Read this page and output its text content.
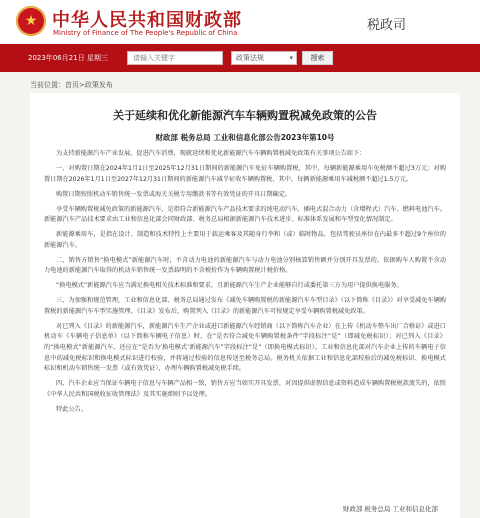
★ 中华人民共和国财政部
Ministry of Finance of The People's Republic of China	税政司
2023年06月21日 星期三
请输入关键字	政策法规	▾	搜索
当前位置：首页>政策发布
关于延续和优化新能源汽车车辆购置税减免政策的公告
财政部 税务总局 工业和信息化部公告2023年第10号

为支持新能源汽车产业发展，促进汽车消费，现就延续和优化新能源汽车车辆购置税减免政策有关事项公告如下：

一、对购置日期在2024年1月1日至2025年12月31日期间的新能源汽车免征车辆购置税，其中，每辆新能源乘用车免税额不超过3万元；对购置日期在2026年1月1日至2027年12月31日期间的新能源汽车减半征收车辆购置税，其中，每辆新能源乘用车减税额不超过1.5万元。

购置日期按照机动车销售统一发票或海关关税专用缴款书等有效凭证的开具日期确定。

享受车辆购置税减免政策的新能源汽车，是指符合新能源汽车产品技术要求的纯电动汽车、插电式混合动力（含增程式）汽车、燃料电池汽车。新能源汽车产品技术要求由工业和信息化部会同财政部、税务总局根据新能源汽车技术进步、标准体系发展和车型变化情况制定。

新能源乘用车，是指在设计、制造和技术特性上主要用于载运乘客及其随身行李和（或）临时物品，包括驾驶员座位在内最多不超过9个座位的新能源汽车。

二、销售方销售“换电模式”新能源汽车时，不含动力电池的新能源汽车与动力电池分别核算销售额并分别开具发票的，依据购车人购置不含动力电池的新能源汽车取得的机动车销售统一发票载明的不含税价作为车辆购置税计税价格。

“换电模式”新能源汽车应当满足换电相关技术标准和要求，且新能源汽车生产企业能够自行或委托第三方为用户提供换电服务。

三、为加强和规范管理，工业和信息化部、税务总局通过发布《减免车辆购置税的新能源汽车车型目录》（以下简称《目录》）对享受减免车辆购置税的新能源汽车车型实施管理。《目录》发布后，购置列入《目录》的新能源汽车可按规定享受车辆购置税减免政策。

对已列入《目录》的新能源汽车，新能源汽车生产企业或进口新能源汽车经销商（以下简称汽车企业）在上传《机动车整车出厂合格证》或进口机动车《车辆电子信息单》（以下简称车辆电子信息）时，在“是否符合减免车辆购置税条件”字段标注“是”（即减免税标识）；对已列入《目录》的“换电模式”新能源汽车，还应在“是否为‘换电模式’新能源汽车”字段标注“是”（即换电模式标识）。工业和信息化部对汽车企业上传的车辆电子信息中的减免税标识和换电模式标识进行校验，并将通过校验的信息传送至税务总局。税务机关依据工业和信息化部校验后的减免税标识、换电模式标识和机动车销售统一发票（或有效凭证），办理车辆购置税减免税手续。

四、汽车企业应当保证车辆电子信息与车辆产品相一致，销售方应当如实开具发票，对因提供虚假信息或资料造成车辆购置税税款流失的，依照《中华人民共和国税收征收管理法》及其实施细则予以处理。

特此公告。

财政部 税务总局 工业和信息化部
